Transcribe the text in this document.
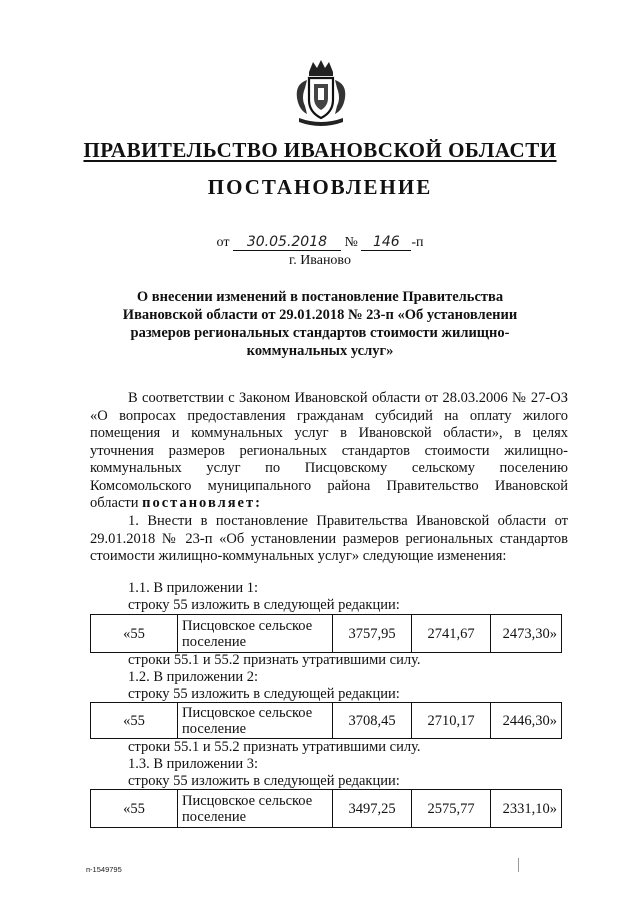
ПРАВИТЕЛЬСТВО ИВАНОВСКОЙ ОБЛАСТИ
ПОСТАНОВЛЕНИЕ
от 30.05.2018 № 146 -п
г. Иваново
О внесении изменений в постановление Правительства Ивановской области от 29.01.2018 № 23-п «Об установлении размеров региональных стандартов стоимости жилищно-коммунальных услуг»
В соответствии с Законом Ивановской области от 28.03.2006 № 27-ОЗ «О вопросах предоставления гражданам субсидий на оплату жилого помещения и коммунальных услуг в Ивановской области», в целях уточнения размеров региональных стандартов стоимости жилищно-коммунальных услуг по Писцовскому сельскому поселению Комсомольского муниципального района Правительство Ивановской области постановляет:
1. Внести в постановление Правительства Ивановской области от 29.01.2018 № 23-п «Об установлении размеров региональных стандартов стоимости жилищно-коммунальных услуг» следующие изменения:
1.1. В приложении 1:
строку 55 изложить в следующей редакции:
«55	Писцовское сельское поселение	3757,95	2741,67	2473,30»
строки 55.1 и 55.2 признать утратившими силу.
1.2. В приложении 2:
строку 55 изложить в следующей редакции:
«55	Писцовское сельское поселение	3708,45	2710,17	2446,30»
строки 55.1 и 55.2 признать утратившими силу.
1.3. В приложении 3:
строку 55 изложить в следующей редакции:
«55	Писцовское сельское поселение	3497,25	2575,77	2331,10»
п-1549795
